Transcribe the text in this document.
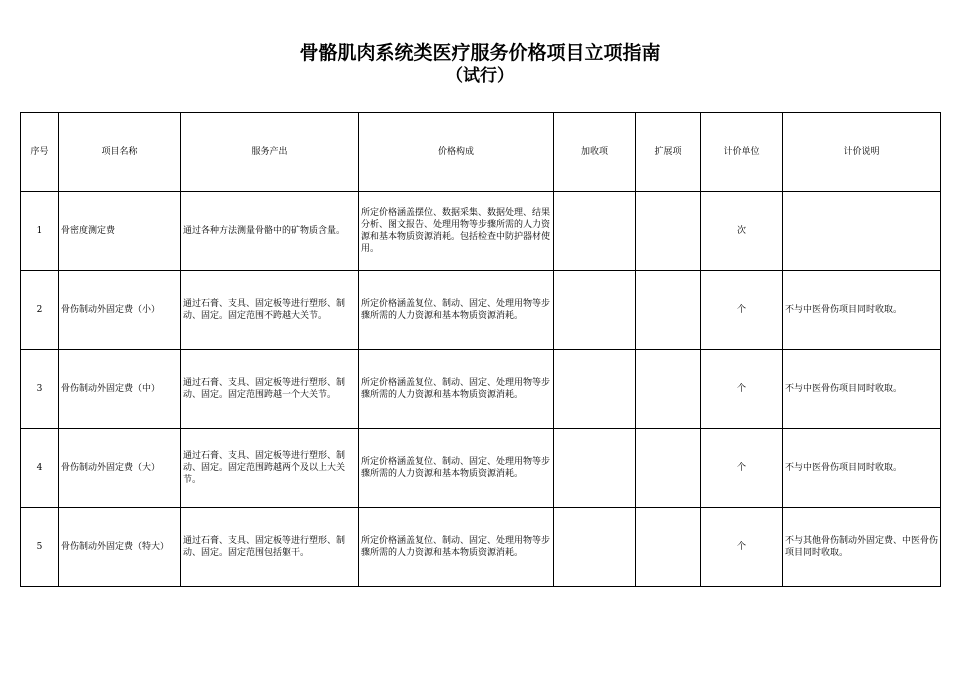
骨骼肌肉系统类医疗服务价格项目立项指南
（试行）
序号	项目名称	服务产出	价格构成	加收项	扩展项	计价单位	计价说明
1	骨密度测定费	通过各种方法测量骨骼中的矿物质含量。	所定价格涵盖摆位、数据采集、数据处理、结果分析、图文报告、处理用物等步骤所需的人力资源和基本物质资源消耗。包括检查中防护器材使用。			次	
2	骨伤制动外固定费（小）	通过石膏、支具、固定板等进行塑形、制动、固定。固定范围不跨越大关节。	所定价格涵盖复位、制动、固定、处理用物等步骤所需的人力资源和基本物质资源消耗。			个	不与中医骨伤项目同时收取。
3	骨伤制动外固定费（中）	通过石膏、支具、固定板等进行塑形、制动、固定。固定范围跨越一个大关节。	所定价格涵盖复位、制动、固定、处理用物等步骤所需的人力资源和基本物质资源消耗。			个	不与中医骨伤项目同时收取。
4	骨伤制动外固定费（大）	通过石膏、支具、固定板等进行塑形、制动、固定。固定范围跨越两个及以上大关节。	所定价格涵盖复位、制动、固定、处理用物等步骤所需的人力资源和基本物质资源消耗。			个	不与中医骨伤项目同时收取。
5	骨伤制动外固定费（特大）	通过石膏、支具、固定板等进行塑形、制动、固定。固定范围包括躯干。	所定价格涵盖复位、制动、固定、处理用物等步骤所需的人力资源和基本物质资源消耗。			个	不与其他骨伤制动外固定费、中医骨伤项目同时收取。
